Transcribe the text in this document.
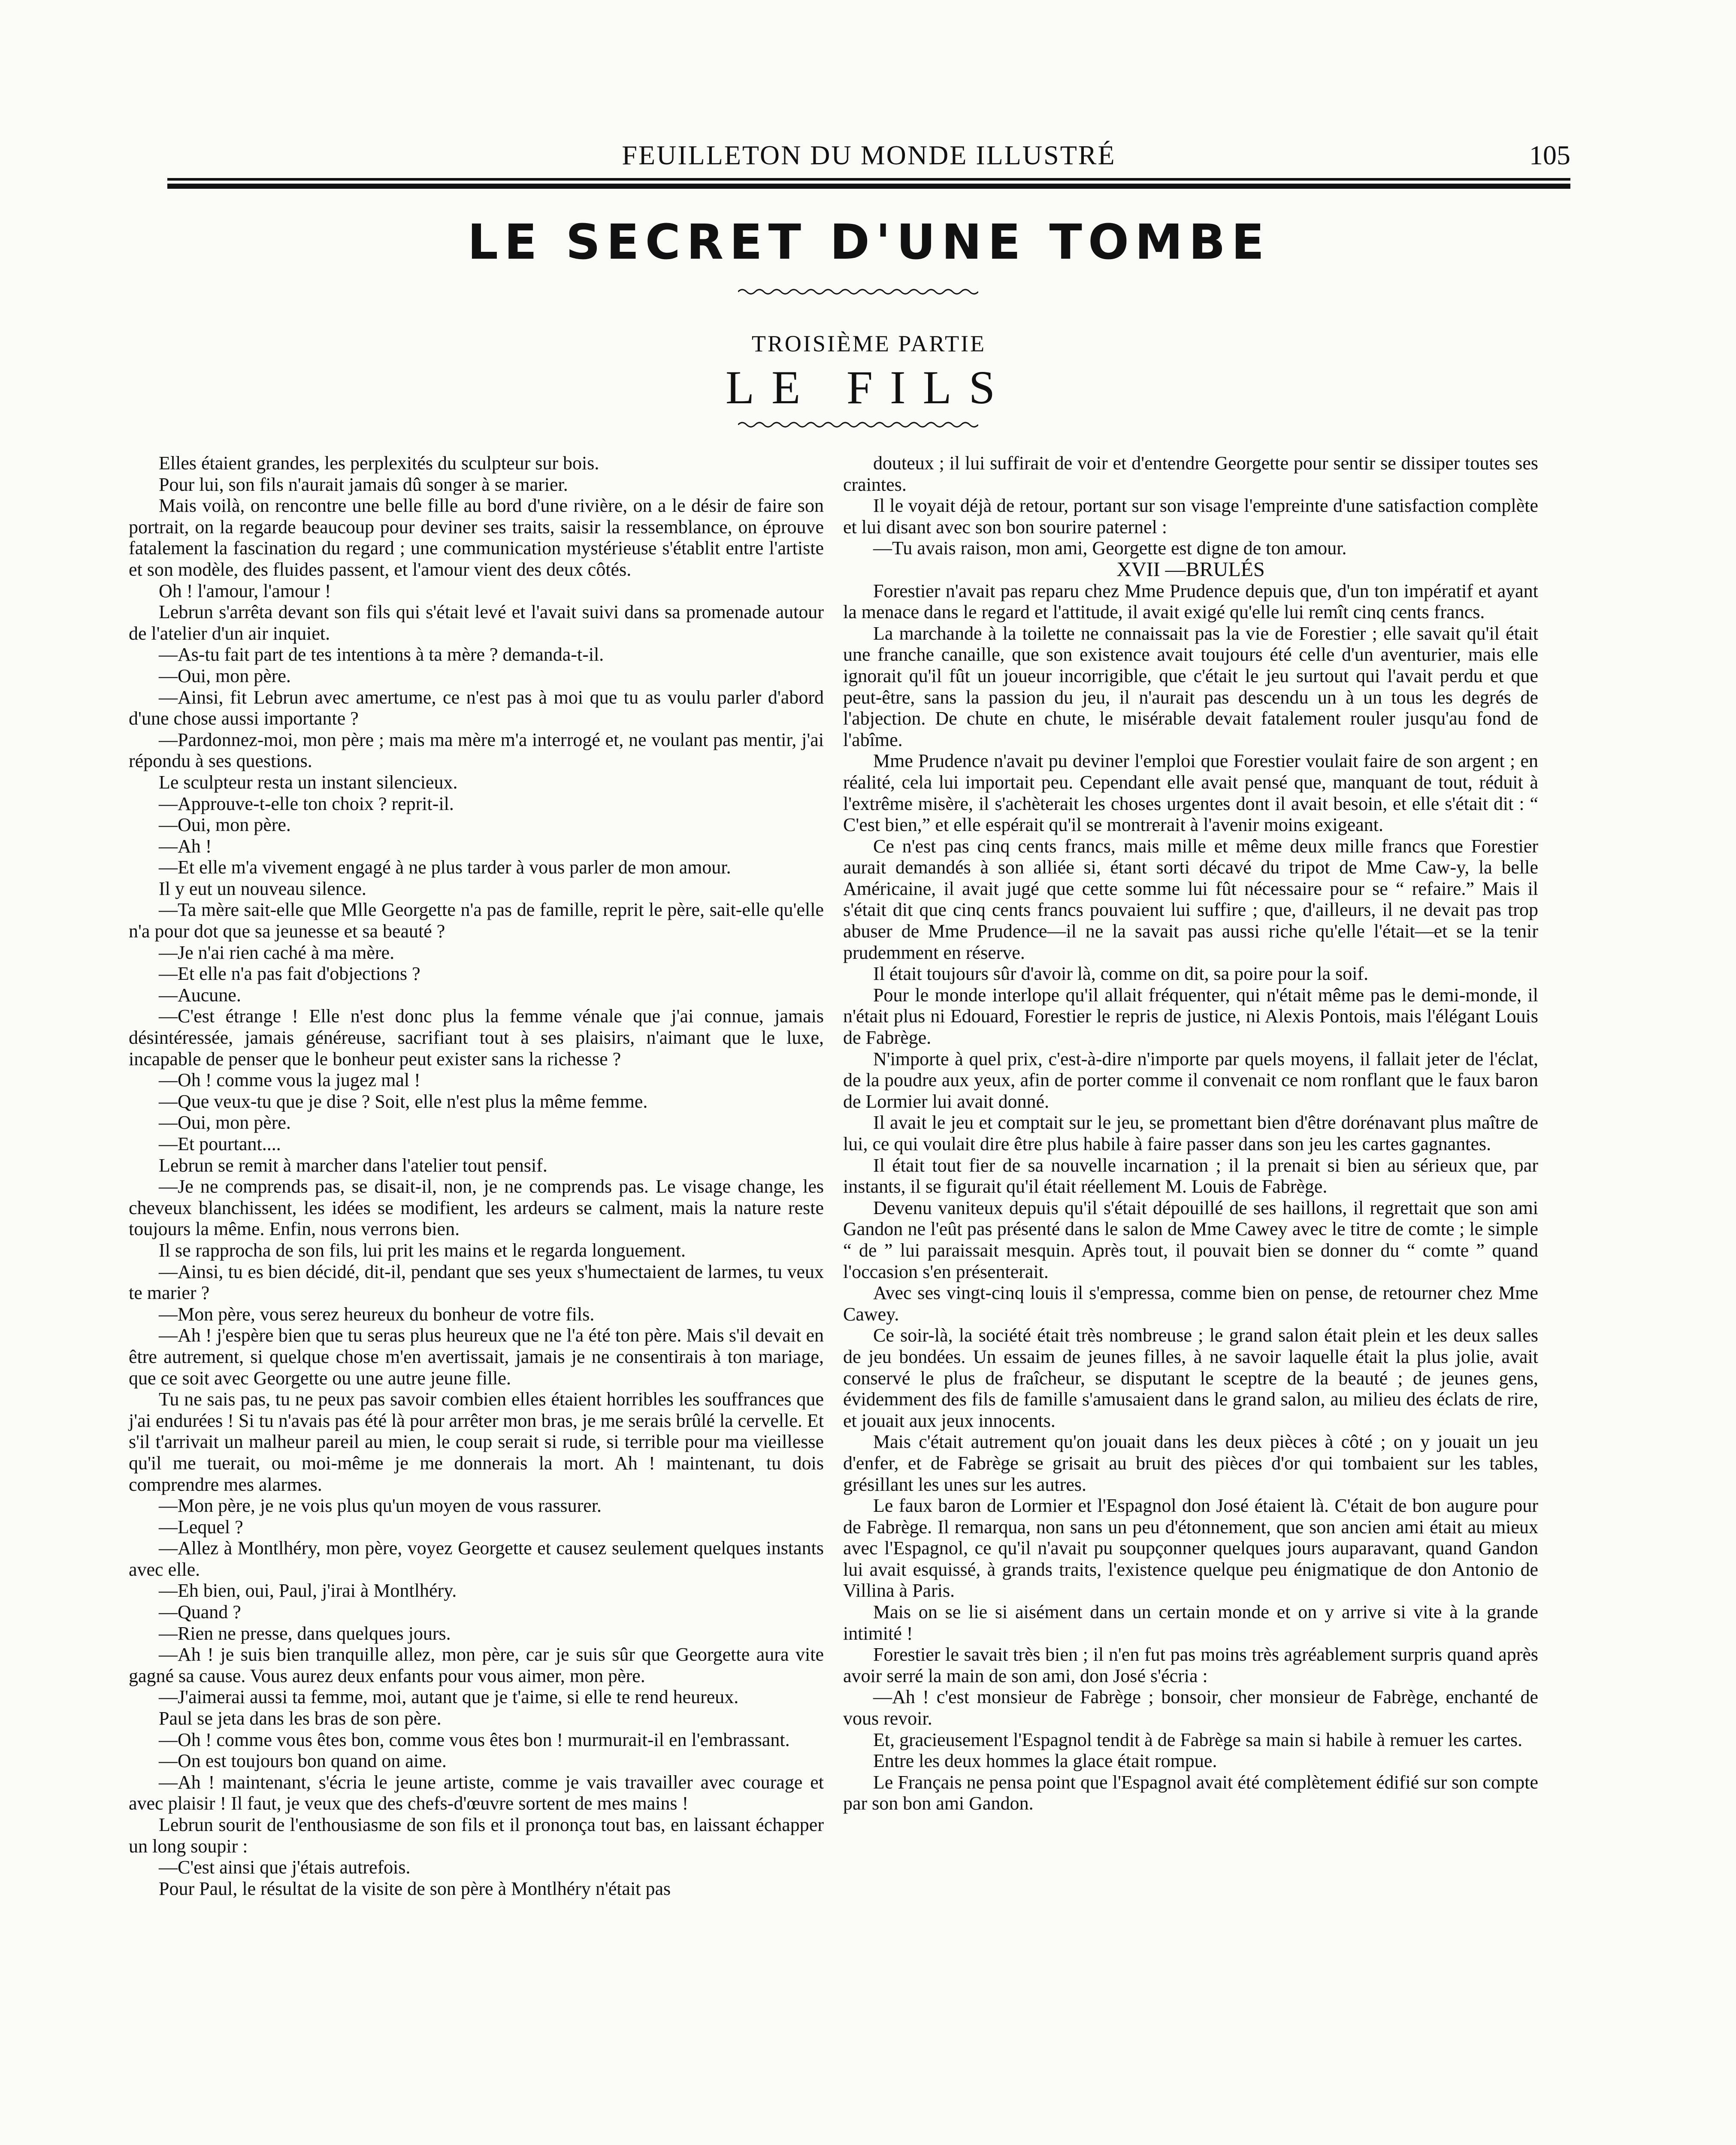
FEUILLETON DU MONDE ILLUSTRÉ	105
LE SECRET D'UNE TOMBE
TROISIÈME PARTIE
LE FILS

Elles étaient grandes, les perplexités du sculpteur sur bois.

Pour lui, son fils n'aurait jamais dû songer à se marier.

Mais voilà, on rencontre une belle fille au bord d'une rivière, on a le désir de faire son portrait, on la regarde beaucoup pour deviner ses traits, saisir la ressemblance, on éprouve fatalement la fascination du regard ; une communication mystérieuse s'établit entre l'artiste et son modèle, des fluides passent, et l'amour vient des deux côtés.

Oh ! l'amour, l'amour !

Lebrun s'arrêta devant son fils qui s'était levé et l'avait suivi dans sa promenade autour de l'atelier d'un air inquiet.

—As-tu fait part de tes intentions à ta mère ? demanda-t-il.

—Oui, mon père.

—Ainsi, fit Lebrun avec amertume, ce n'est pas à moi que tu as voulu parler d'abord d'une chose aussi importante ?

—Pardonnez-moi, mon père ; mais ma mère m'a interrogé et, ne voulant pas mentir, j'ai répondu à ses questions.

Le sculpteur resta un instant silencieux.

—Approuve-t-elle ton choix ? reprit-il.

—Oui, mon père.

—Ah !

—Et elle m'a vivement engagé à ne plus tarder à vous parler de mon amour.

Il y eut un nouveau silence.

—Ta mère sait-elle que Mlle Georgette n'a pas de famille, reprit le père, sait-elle qu'elle n'a pour dot que sa jeunesse et sa beauté ?

—Je n'ai rien caché à ma mère.

—Et elle n'a pas fait d'objections ?

—Aucune.

—C'est étrange ! Elle n'est donc plus la femme vénale que j'ai connue, jamais désintéressée, jamais généreuse, sacrifiant tout à ses plaisirs, n'aimant que le luxe, incapable de penser que le bonheur peut exister sans la richesse ?

—Oh ! comme vous la jugez mal !

—Que veux-tu que je dise ? Soit, elle n'est plus la même femme.

—Oui, mon père.

—Et pourtant....

Lebrun se remit à marcher dans l'atelier tout pensif.

—Je ne comprends pas, se disait-il, non, je ne comprends pas. Le visage change, les cheveux blanchissent, les idées se modifient, les ardeurs se calment, mais la nature reste toujours la même. Enfin, nous verrons bien.

Il se rapprocha de son fils, lui prit les mains et le regarda longuement.

—Ainsi, tu es bien décidé, dit-il, pendant que ses yeux s'humectaient de larmes, tu veux te marier ?

—Mon père, vous serez heureux du bonheur de votre fils.

—Ah ! j'espère bien que tu seras plus heureux que ne l'a été ton père. Mais s'il devait en être autrement, si quelque chose m'en avertissait, jamais je ne consentirais à ton mariage, que ce soit avec Georgette ou une autre jeune fille.

Tu ne sais pas, tu ne peux pas savoir combien elles étaient horribles les souffrances que j'ai endurées ! Si tu n'avais pas été là pour arrêter mon bras, je me serais brûlé la cervelle. Et s'il t'arrivait un malheur pareil au mien, le coup serait si rude, si terrible pour ma vieillesse qu'il me tuerait, ou moi-même je me donnerais la mort. Ah ! maintenant, tu dois comprendre mes alarmes.

—Mon père, je ne vois plus qu'un moyen de vous rassurer.

—Lequel ?

—Allez à Montlhéry, mon père, voyez Georgette et causez seulement quelques instants avec elle.

—Eh bien, oui, Paul, j'irai à Montlhéry.

—Quand ?

—Rien ne presse, dans quelques jours.

—Ah ! je suis bien tranquille allez, mon père, car je suis sûr que Georgette aura vite gagné sa cause. Vous aurez deux enfants pour vous aimer, mon père.

—J'aimerai aussi ta femme, moi, autant que je t'aime, si elle te rend heureux.

Paul se jeta dans les bras de son père.

—Oh ! comme vous êtes bon, comme vous êtes bon ! murmurait-il en l'embrassant.

—On est toujours bon quand on aime.

—Ah ! maintenant, s'écria le jeune artiste, comme je vais travailler avec courage et avec plaisir ! Il faut, je veux que des chefs-d'œuvre sortent de mes mains !

Lebrun sourit de l'enthousiasme de son fils et il prononça tout bas, en laissant échapper un long soupir :

—C'est ainsi que j'étais autrefois.

Pour Paul, le résultat de la visite de son père à Montlhéry n'était pas

douteux ; il lui suffirait de voir et d'entendre Georgette pour sentir se dissiper toutes ses craintes.

Il le voyait déjà de retour, portant sur son visage l'empreinte d'une satisfaction complète et lui disant avec son bon sourire paternel :

—Tu avais raison, mon ami, Georgette est digne de ton amour.

XVII —BRULÉS

Forestier n'avait pas reparu chez Mme Prudence depuis que, d'un ton impératif et ayant la menace dans le regard et l'attitude, il avait exigé qu'elle lui remît cinq cents francs.

La marchande à la toilette ne connaissait pas la vie de Forestier ; elle savait qu'il était une franche canaille, que son existence avait toujours été celle d'un aventurier, mais elle ignorait qu'il fût un joueur incorrigible, que c'était le jeu surtout qui l'avait perdu et que peut-être, sans la passion du jeu, il n'aurait pas descendu un à un tous les degrés de l'abjection. De chute en chute, le misérable devait fatalement rouler jusqu'au fond de l'abîme.

Mme Prudence n'avait pu deviner l'emploi que Forestier voulait faire de son argent ; en réalité, cela lui importait peu. Cependant elle avait pensé que, manquant de tout, réduit à l'extrême misère, il s'achèterait les choses urgentes dont il avait besoin, et elle s'était dit : “ C'est bien,” et elle espérait qu'il se montrerait à l'avenir moins exigeant.

Ce n'est pas cinq cents francs, mais mille et même deux mille francs que Forestier aurait demandés à son alliée si, étant sorti décavé du tripot de Mme Caw-y, la belle Américaine, il avait jugé que cette somme lui fût nécessaire pour se “ refaire.” Mais il s'était dit que cinq cents francs pouvaient lui suffire ; que, d'ailleurs, il ne devait pas trop abuser de Mme Prudence—il ne la savait pas aussi riche qu'elle l'était—et se la tenir prudemment en réserve.

Il était toujours sûr d'avoir là, comme on dit, sa poire pour la soif.

Pour le monde interlope qu'il allait fréquenter, qui n'était même pas le demi-monde, il n'était plus ni Edouard, Forestier le repris de justice, ni Alexis Pontois, mais l'élégant Louis de Fabrège.

N'importe à quel prix, c'est-à-dire n'importe par quels moyens, il fallait jeter de l'éclat, de la poudre aux yeux, afin de porter comme il convenait ce nom ronflant que le faux baron de Lormier lui avait donné.

Il avait le jeu et comptait sur le jeu, se promettant bien d'être dorénavant plus maître de lui, ce qui voulait dire être plus habile à faire passer dans son jeu les cartes gagnantes.

Il était tout fier de sa nouvelle incarnation ; il la prenait si bien au sérieux que, par instants, il se figurait qu'il était réellement M. Louis de Fabrège.

Devenu vaniteux depuis qu'il s'était dépouillé de ses haillons, il regrettait que son ami Gandon ne l'eût pas présenté dans le salon de Mme Cawey avec le titre de comte ; le simple “ de ” lui paraissait mesquin. Après tout, il pouvait bien se donner du “ comte ” quand l'occasion s'en présenterait.

Avec ses vingt-cinq louis il s'empressa, comme bien on pense, de retourner chez Mme Cawey.

Ce soir-là, la société était très nombreuse ; le grand salon était plein et les deux salles de jeu bondées. Un essaim de jeunes filles, à ne savoir laquelle était la plus jolie, avait conservé le plus de fraîcheur, se disputant le sceptre de la beauté ; de jeunes gens, évidemment des fils de famille s'amusaient dans le grand salon, au milieu des éclats de rire, et jouait aux jeux innocents.

Mais c'était autrement qu'on jouait dans les deux pièces à côté ; on y jouait un jeu d'enfer, et de Fabrège se grisait au bruit des pièces d'or qui tombaient sur les tables, grésillant les unes sur les autres.

Le faux baron de Lormier et l'Espagnol don José étaient là. C'était de bon augure pour de Fabrège. Il remarqua, non sans un peu d'étonnement, que son ancien ami était au mieux avec l'Espagnol, ce qu'il n'avait pu soupçonner quelques jours auparavant, quand Gandon lui avait esquissé, à grands traits, l'existence quelque peu énigmatique de don Antonio de Villina à Paris.

Mais on se lie si aisément dans un certain monde et on y arrive si vite à la grande intimité !

Forestier le savait très bien ; il n'en fut pas moins très agréablement surpris quand après avoir serré la main de son ami, don José s'écria :

—Ah ! c'est monsieur de Fabrège ; bonsoir, cher monsieur de Fabrège, enchanté de vous revoir.

Et, gracieusement l'Espagnol tendit à de Fabrège sa main si habile à remuer les cartes.

Entre les deux hommes la glace était rompue.

Le Français ne pensa point que l'Espagnol avait été complètement édifié sur son compte par son bon ami Gandon.
